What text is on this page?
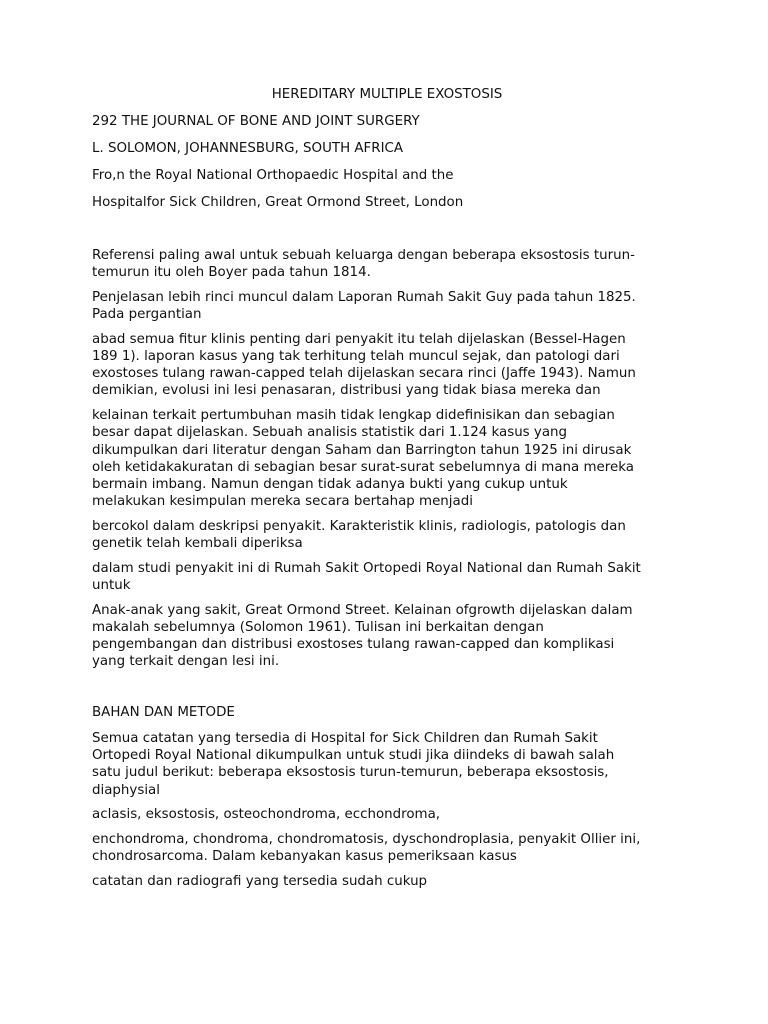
HEREDITARY MULTIPLE EXOSTOSIS
292 THE JOURNAL OF BONE AND JOINT SURGERY
L. SOLOMON, JOHANNESBURG, SOUTH AFRICA
Fro,n the Royal National Orthopaedic Hospital and the
Hospitalfor Sick Children, Great Ormond Street, London
Referensi paling awal untuk sebuah keluarga dengan beberapa eksostosis turun-
temurun itu oleh Boyer pada tahun 1814.
Penjelasan lebih rinci muncul dalam Laporan Rumah Sakit Guy pada tahun 1825.
Pada pergantian
abad semua fitur klinis penting dari penyakit itu telah dijelaskan (Bessel-Hagen
189 1). laporan kasus yang tak terhitung telah muncul sejak, dan patologi dari
exostoses tulang rawan-capped telah dijelaskan secara rinci (Jaffe 1943). Namun
demikian, evolusi ini lesi penasaran, distribusi yang tidak biasa mereka dan
kelainan terkait pertumbuhan masih tidak lengkap didefinisikan dan sebagian
besar dapat dijelaskan. Sebuah analisis statistik dari 1.124 kasus yang
dikumpulkan dari literatur dengan Saham dan Barrington tahun 1925 ini dirusak
oleh ketidakakuratan di sebagian besar surat-surat sebelumnya di mana mereka
bermain imbang. Namun dengan tidak adanya bukti yang cukup untuk
melakukan kesimpulan mereka secara bertahap menjadi
bercokol dalam deskripsi penyakit. Karakteristik klinis, radiologis, patologis dan
genetik telah kembali diperiksa
dalam studi penyakit ini di Rumah Sakit Ortopedi Royal National dan Rumah Sakit
untuk
Anak-anak yang sakit, Great Ormond Street. Kelainan ofgrowth dijelaskan dalam
makalah sebelumnya (Solomon 1961). Tulisan ini berkaitan dengan
pengembangan dan distribusi exostoses tulang rawan-capped dan komplikasi
yang terkait dengan lesi ini.
BAHAN DAN METODE
Semua catatan yang tersedia di Hospital for Sick Children dan Rumah Sakit
Ortopedi Royal National dikumpulkan untuk studi jika diindeks di bawah salah
satu judul berikut: beberapa eksostosis turun-temurun, beberapa eksostosis,
diaphysial
aclasis, eksostosis, osteochondroma, ecchondroma,
enchondroma, chondroma, chondromatosis, dyschondroplasia, penyakit Ollier ini,
chondrosarcoma. Dalam kebanyakan kasus pemeriksaan kasus
catatan dan radiografi yang tersedia sudah cukup
